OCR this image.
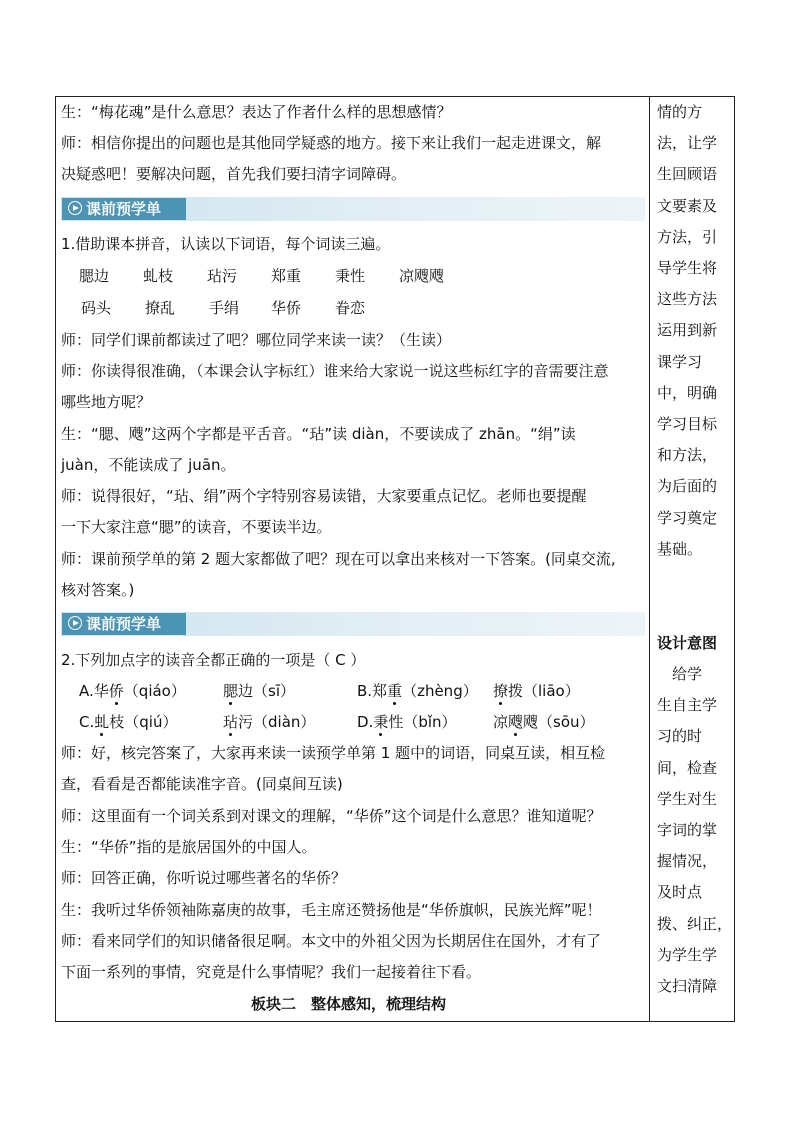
生：“梅花魂”是什么意思？表达了作者什么样的思想感情？
师：相信你提出的问题也是其他同学疑惑的地方。接下来让我们一起走进课文，解
决疑惑吧！要解决问题，首先我们要扫清字词障碍。
1.借助课本拼音，认读以下词语，每个词读三遍。
师：同学们课前都读过了吧？哪位同学来读一读？（生读）
师：你读得很准确，（本课会认字标红）谁来给大家说一说这些标红字的音需要注意
哪些地方呢？
生：“腮、飕”这两个字都是平舌音。“玷”读 diàn，不要读成了 zhān。“绢”读
juàn，不能读成了 juān。
师：说得很好，“玷、绢”两个字特别容易读错，大家要重点记忆。老师也要提醒
一下大家注意“腮”的读音，不要读半边。
师：课前预学单的第 2 题大家都做了吧？现在可以拿出来核对一下答案。(同桌交流,
核对答案。)
2.下列加点字的读音全都正确的一项是（ C ）
师：好，核完答案了，大家再来读一读预学单第 1 题中的词语，同桌互读，相互检
查，看看是否都能读准字音。(同桌间互读)
师：这里面有一个词关系到对课文的理解，“华侨”这个词是什么意思？谁知道呢？
生：“华侨”指的是旅居国外的中国人。
师：回答正确，你听说过哪些著名的华侨？
生：我听过华侨领袖陈嘉庚的故事，毛主席还赞扬他是“华侨旗帜，民族光辉”呢！
师：看来同学们的知识储备很足啊。本文中的外祖父因为长期居住在国外，才有了
下面一系列的事情，究竟是什么事情呢？我们一起接着往下看。
课前预学单
课前预学单
腮边 虬枝 玷污 郑重 秉性 凉飕飕
码头 撩乱 手绢 华侨 眷恋
A.华侨（qiáo） 腮边（sī）	B.郑重（zhèng） 撩拨（liāo）
C.虬枝（qiú）	玷污（diàn）	D.秉性（bǐn） 凉飕飕（sōu）
板块二　整体感知，梳理结构
情的方
法，让学
生回顾语
文要素及
方法，引
导学生将
这些方法
运用到新
课学习
中，明确
学习目标
和方法，
为后面的
学习奠定
基础。
设计意图
　给学
生自主学
习的时
间，检查
学生对生
字词的掌
握情况，
及时点
拨、纠正，
为学生学
文扫清障
